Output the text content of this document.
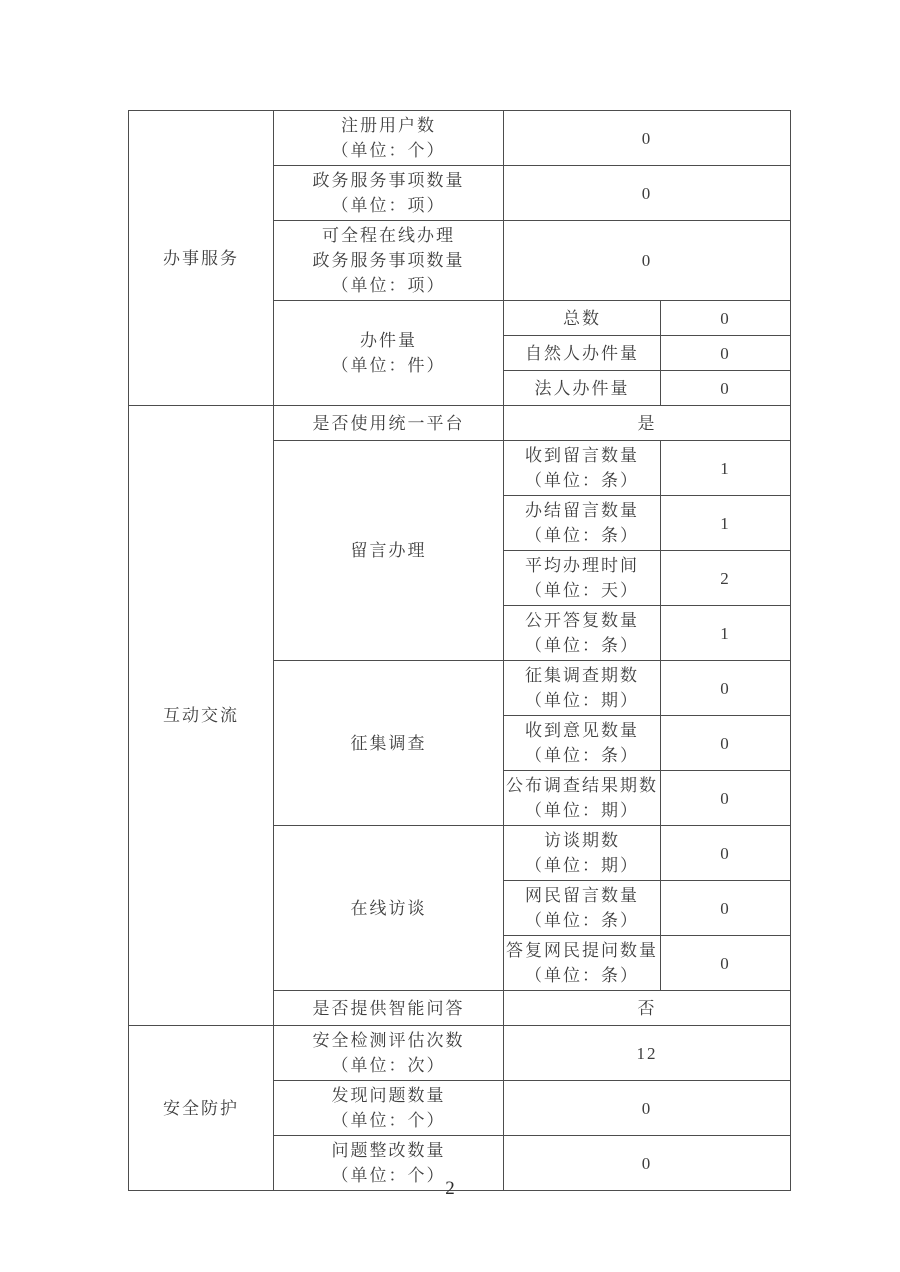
办事服务	注册用户数
（单位：个）	0	

	政务服务事项数量
（单位：项）	0	

	可全程在线办理
政务服务事项数量
（单位：项）	0	

	办件量
（单位：件）	总数	0

		自然人办件量	0

		法人办件量	0

互动交流	是否使用统一平台	是	

	留言办理	收到留言数量
（单位：条）	1

		办结留言数量
（单位：条）	1

		平均办理时间
（单位：天）	2

		公开答复数量
（单位：条）	1

	征集调查	征集调查期数
（单位：期）	0

		收到意见数量
（单位：条）	0

		公布调查结果期数
（单位：期）	0

	在线访谈	访谈期数
（单位：期）	0

		网民留言数量
（单位：条）	0

		答复网民提问数量
（单位：条）	0

	是否提供智能问答	否	

安全防护	安全检测评估次数
（单位：次）	12	

	发现问题数量
（单位：个）	0	

	问题整改数量
（单位：个）	0	
2
